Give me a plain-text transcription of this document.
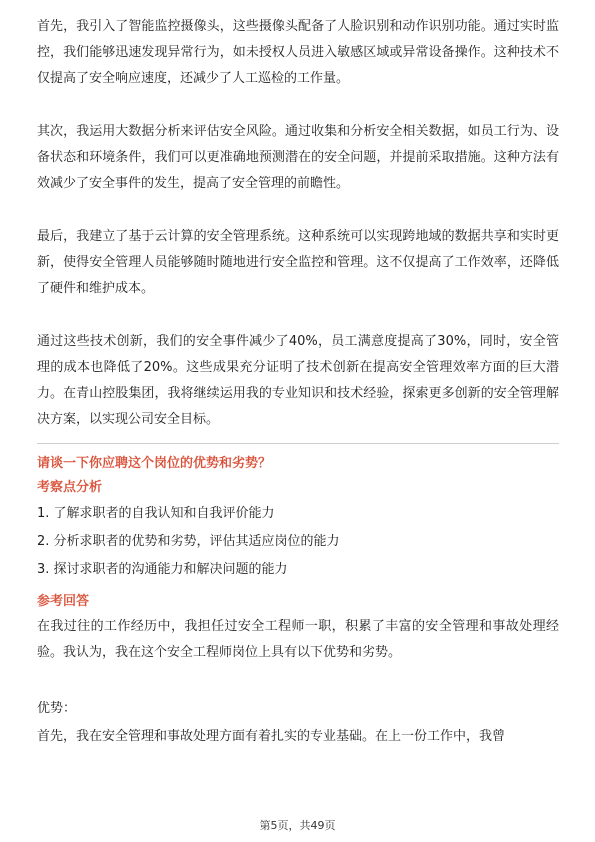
首先，我引入了智能监控摄像头，这些摄像头配备了人脸识别和动作识别功能。通过实时监控，我们能够迅速发现异常行为，如未授权人员进入敏感区域或异常设备操作。这种技术不仅提高了安全响应速度，还减少了人工巡检的工作量。

其次，我运用大数据分析来评估安全风险。通过收集和分析安全相关数据，如员工行为、设备状态和环境条件，我们可以更准确地预测潜在的安全问题，并提前采取措施。这种方法有效减少了安全事件的发生，提高了安全管理的前瞻性。

最后，我建立了基于云计算的安全管理系统。这种系统可以实现跨地域的数据共享和实时更新，使得安全管理人员能够随时随地进行安全监控和管理。这不仅提高了工作效率，还降低了硬件和维护成本。

通过这些技术创新，我们的安全事件减少了40%，员工满意度提高了30%，同时，安全管理的成本也降低了20%。这些成果充分证明了技术创新在提高安全管理效率方面的巨大潜力。在青山控股集团，我将继续运用我的专业知识和技术经验，探索更多创新的安全管理解决方案，以实现公司安全目标。

请谈一下你应聘这个岗位的优势和劣势？

考察点分析

1. 了解求职者的自我认知和自我评价能力

2. 分析求职者的优势和劣势，评估其适应岗位的能力

3. 探讨求职者的沟通能力和解决问题的能力

参考回答

在我过往的工作经历中，我担任过安全工程师一职，积累了丰富的安全管理和事故处理经验。我认为，我在这个安全工程师岗位上具有以下优势和劣势。

优势：

首先，我在安全管理和事故处理方面有着扎实的专业基础。在上一份工作中，我曾

第5页，共49页
